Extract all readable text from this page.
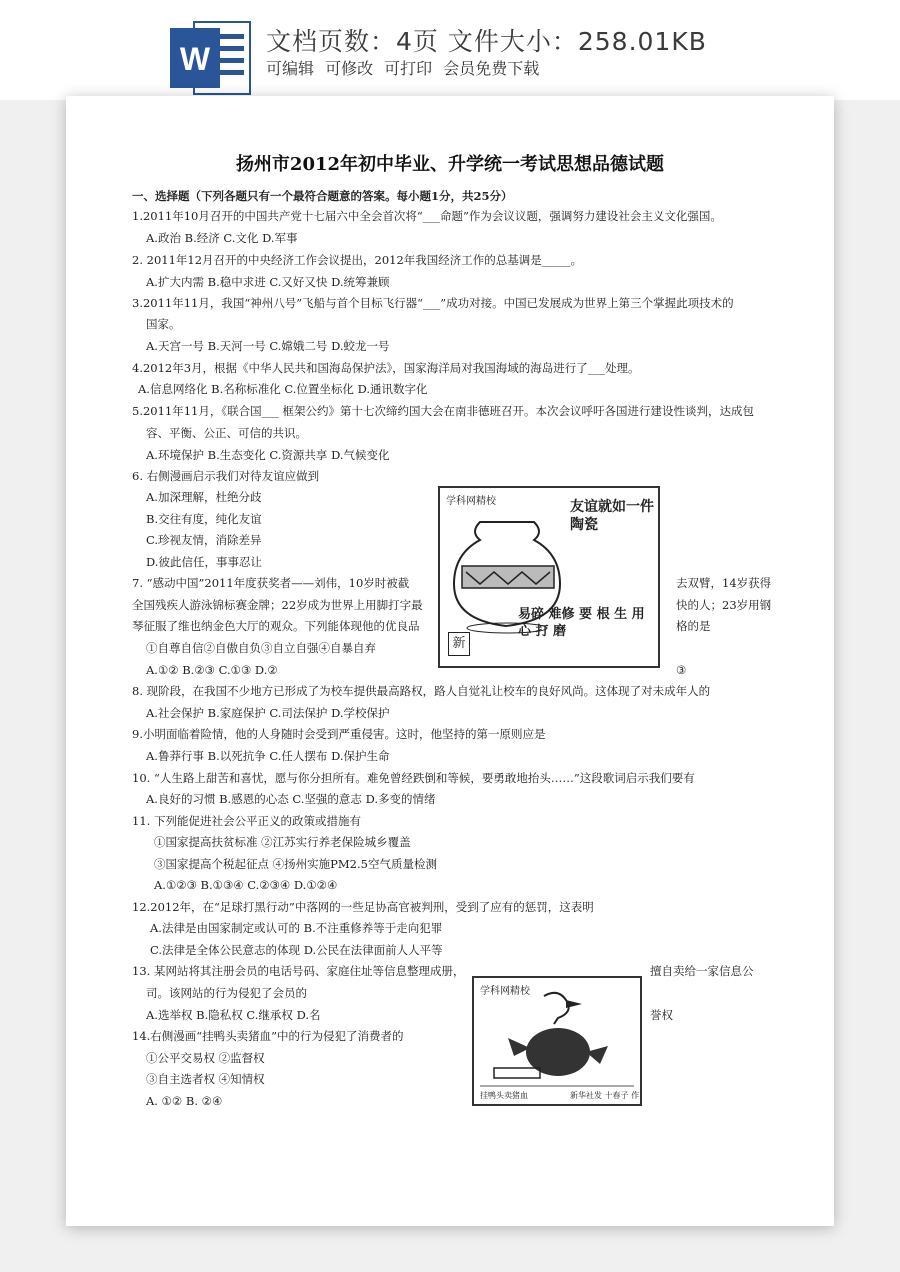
W 文档页数：4页 文件大小：258.01KB
可编辑 可修改 可打印 会员免费下载
扬州市2012年初中毕业、升学统一考试思想品德试题
一、选择题（下列各题只有一个最符合题意的答案。每小题1分，共25分）
1.2011年10月召开的中国共产党十七届六中全会首次将“___命题”作为会议议题，强调努力建设社会主义文化强国。
A.政治 B.经济 C.文化 D.军事
2. 2011年12月召开的中央经济工作会议提出，2012年我国经济工作的总基调是_____。
A.扩大内需 B.稳中求进 C.又好又快 D.统筹兼顾
3.2011年11月，我国“神州八号”飞船与首个目标飞行器“___”成功对接。中国已发展成为世界上第三个掌握此项技术的
国家。
A.天宫一号 B.天河一号 C.嫦娥二号 D.蛟龙一号
4.2012年3月，根据《中华人民共和国海岛保护法》，国家海洋局对我国海域的海岛进行了___处理。
A.信息网络化 B.名称标准化 C.位置坐标化 D.通讯数字化
5.2011年11月，《联合国___ 框架公约》第十七次缔约国大会在南非德班召开。本次会议呼吁各国进行建设性谈判，达成包
容、平衡、公正、可信的共识。
A.环境保护 B.生态变化 C.资源共享 D.气候变化
6. 右侧漫画启示我们对待友谊应做到
A.加深理解，杜绝分歧
B.交往有度，纯化友谊
C.珍视友情，消除差异
D.彼此信任，事事忍让
学科网精校	友谊就如一件陶瓷
易碎 难修 要 根 生 用 心 打 磨
新
7. “感动中国”2011年度获奖者——刘伟，10岁时被截	去双臂，14岁获得
全国残疾人游泳锦标赛金牌；22岁成为世界上用脚打字最	快的人；23岁用钢
琴征服了维也纳金色大厅的观众。下列能体现他的优良品	格的是
①自尊自信②自傲自负③自立自强④自暴自弃
A.①② B.②③ C.①③ D.②	③
8. 现阶段，在我国不少地方已形成了为校车提供最高路权，路人自觉礼让校车的良好风尚。这体现了对未成年人的
A.社会保护 B.家庭保护 C.司法保护 D.学校保护
9.小明面临着险情，他的人身随时会受到严重侵害。这时，他坚持的第一原则应是
A.鲁莽行事 B.以死抗争 C.任人摆布 D.保护生命
10. “人生路上甜苦和喜忧，愿与你分担所有。难免曾经跌倒和等候，要勇敢地抬头……”这段歌词启示我们要有
A.良好的习惯 B.感恩的心态 C.坚强的意志 D.多变的情绪
11. 下列能促进社会公平正义的政策或措施有
①国家提高扶贫标准 ②江苏实行养老保险城乡覆盖
③国家提高个税起征点 ④扬州实施PM2.5空气质量检测
A.①②③ B.①③④ C.②③④ D.①②④
12.2012年，在“足球打黑行动”中落网的一些足协高官被判刑，受到了应有的惩罚，这表明
A.法律是由国家制定或认可的 B.不注重修养等于走向犯罪
C.法律是全体公民意志的体现 D.公民在法律面前人人平等
学科网精校
挂鸭头卖猪血	新华社发 十春子 作
13. 某网站将其注册会员的电话号码、家庭住址等信息整理成册，	擅自卖给一家信息公
司。该网站的行为侵犯了会员的
A.选举权 B.隐私权 C.继承权 D.名	誉权
14.右侧漫画“挂鸭头卖猪血”中的行为侵犯了消费者的
①公平交易权 ②监督权
③自主选者权 ④知情权
A. ①② B. ②④
